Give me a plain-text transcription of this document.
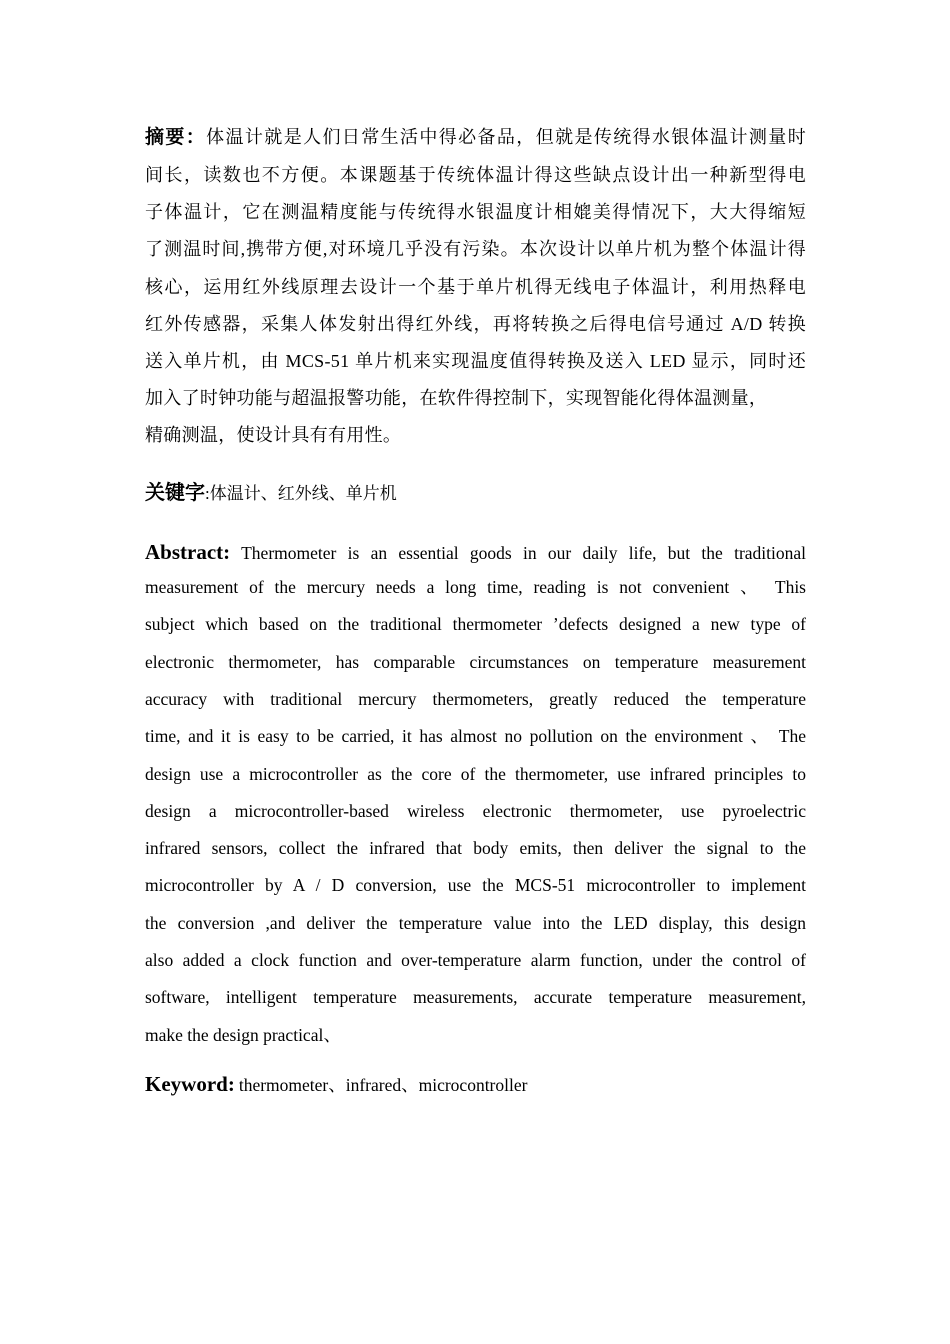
摘要：体温计就是人们日常生活中得必备品，但就是传统得水银体温计测量时
间长，读数也不方便。本课题基于传统体温计得这些缺点设计出一种新型得电
子体温计，它在测温精度能与传统得水银温度计相媲美得情况下，大大得缩短
了测温时间,携带方便,对环境几乎没有污染。本次设计以单片机为整个体温计得
核心，运用红外线原理去设计一个基于单片机得无线电子体温计，利用热释电
红外传感器，采集人体发射出得红外线，再将转换之后得电信号通过 A/D 转换
送入单片机，由 MCS-51 单片机来实现温度值得转换及送入 LED 显示，同时还
加入了时钟功能与超温报警功能，在软件得控制下，实现智能化得体温测量，
精确测温，使设计具有有用性。
关键字:体温计、红外线、单片机
Abstract: Thermometer is an essential goods in our daily life, but the traditional
measurement of the mercury needs a long time, reading is not convenient 、 This
subject which based on the traditional thermometer ’defects designed a new type of
electronic thermometer, has comparable circumstances on temperature measurement
accuracy with traditional mercury thermometers, greatly reduced the temperature
time, and it is easy to be carried, it has almost no pollution on the environment 、 The
design use a microcontroller as the core of the thermometer, use infrared principles to
design a microcontroller-based wireless electronic thermometer, use pyroelectric
infrared sensors, collect the infrared that body emits, then deliver the signal to the
microcontroller by A / D conversion, use the MCS-51 microcontroller to implement
the conversion ,and deliver the temperature value into the LED display, this design
also added a clock function and over-temperature alarm function, under the control of
software, intelligent temperature measurements, accurate temperature measurement,
make the design practical、
Keyword: thermometer、infrared、microcontroller
